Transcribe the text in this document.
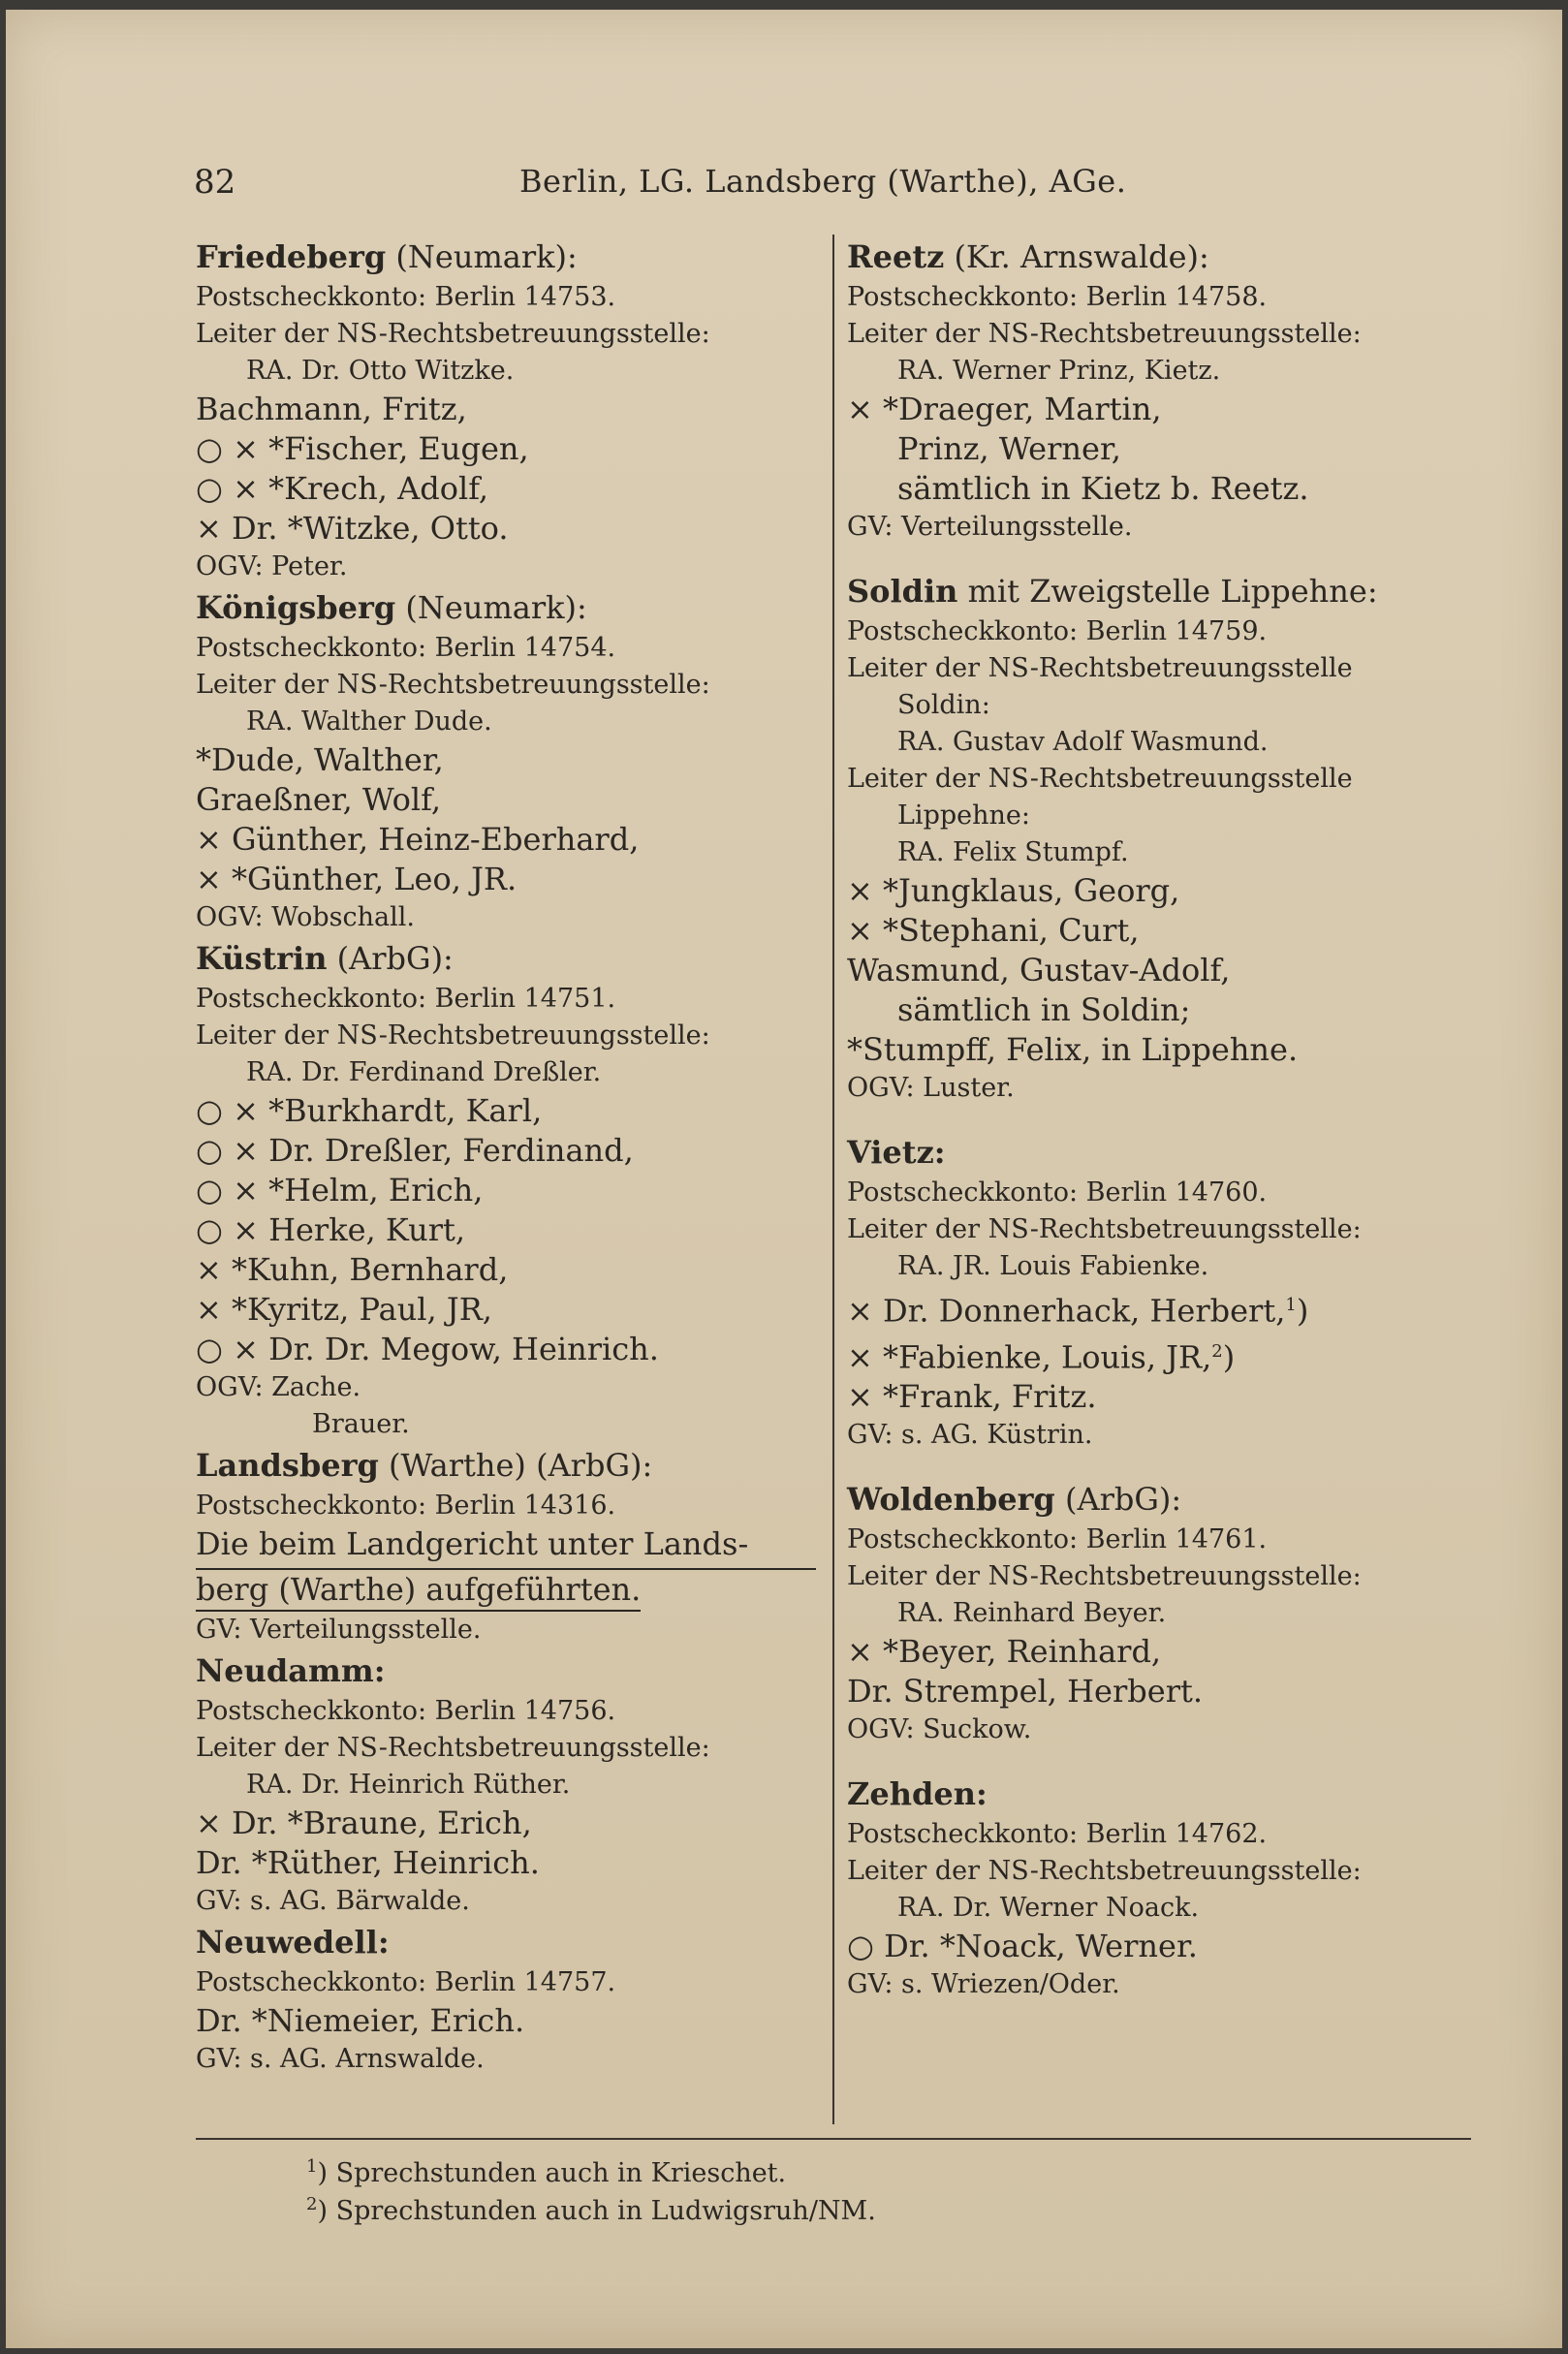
82	Berlin, LG. Landsberg (Warthe), AGe.
Friedeberg (Neumark):
Postscheckkonto: Berlin 14753.
Leiter der NS-Rechtsbetreuungsstelle:
RA. Dr. Otto Witzke.
Bachmann, Fritz,
○ × *Fischer, Eugen,
○ × *Krech, Adolf,
× Dr. *Witzke, Otto.
OGV: Peter.
Königsberg (Neumark):
Postscheckkonto: Berlin 14754.
Leiter der NS-Rechtsbetreuungsstelle:
RA. Walther Dude.
*Dude, Walther,
Graeßner, Wolf,
× Günther, Heinz-Eberhard,
× *Günther, Leo, JR.
OGV: Wobschall.
Küstrin (ArbG):
Postscheckkonto: Berlin 14751.
Leiter der NS-Rechtsbetreuungsstelle:
RA. Dr. Ferdinand Dreßler.
○ × *Burkhardt, Karl,
○ × Dr. Dreßler, Ferdinand,
○ × *Helm, Erich,
○ × Herke, Kurt,
× *Kuhn, Bernhard,
× *Kyritz, Paul, JR,
○ × Dr. Dr. Megow, Heinrich.
OGV: Zache.
Brauer.
Landsberg (Warthe) (ArbG):
Postscheckkonto: Berlin 14316.
Die beim Landgericht unter Lands-
berg (Warthe) aufgeführten.
GV: Verteilungsstelle.
Neudamm:
Postscheckkonto: Berlin 14756.
Leiter der NS-Rechtsbetreuungsstelle:
RA. Dr. Heinrich Rüther.
× Dr. *Braune, Erich,
Dr. *Rüther, Heinrich.
GV: s. AG. Bärwalde.
Neuwedell:
Postscheckkonto: Berlin 14757.
Dr. *Niemeier, Erich.
GV: s. AG. Arnswalde.
Reetz (Kr. Arnswalde):
Postscheckkonto: Berlin 14758.
Leiter der NS-Rechtsbetreuungsstelle:
RA. Werner Prinz, Kietz.
× *Draeger, Martin,
Prinz, Werner,
sämtlich in Kietz b. Reetz.
GV: Verteilungsstelle.
Soldin mit Zweigstelle Lippehne:
Postscheckkonto: Berlin 14759.
Leiter der NS-Rechtsbetreuungsstelle
Soldin:
RA. Gustav Adolf Wasmund.
Leiter der NS-Rechtsbetreuungsstelle
Lippehne:
RA. Felix Stumpf.
× *Jungklaus, Georg,
× *Stephani, Curt,
Wasmund, Gustav-Adolf,
sämtlich in Soldin;
*Stumpff, Felix, in Lippehne.
OGV: Luster.
Vietz:
Postscheckkonto: Berlin 14760.
Leiter der NS-Rechtsbetreuungsstelle:
RA. JR. Louis Fabienke.
× Dr. Donnerhack, Herbert,$^1$)
× *Fabienke, Louis, JR,$^2$)
× *Frank, Fritz.
GV: s. AG. Küstrin.
Woldenberg (ArbG):
Postscheckkonto: Berlin 14761.
Leiter der NS-Rechtsbetreuungsstelle:
RA. Reinhard Beyer.
× *Beyer, Reinhard,
Dr. Strempel, Herbert.
OGV: Suckow.
Zehden:
Postscheckkonto: Berlin 14762.
Leiter der NS-Rechtsbetreuungsstelle:
RA. Dr. Werner Noack.
○ Dr. *Noack, Werner.
GV: s. Wriezen/Oder.
$^1$) Sprechstunden auch in Krieschet.
$^2$) Sprechstunden auch in Ludwigsruh/NM.
